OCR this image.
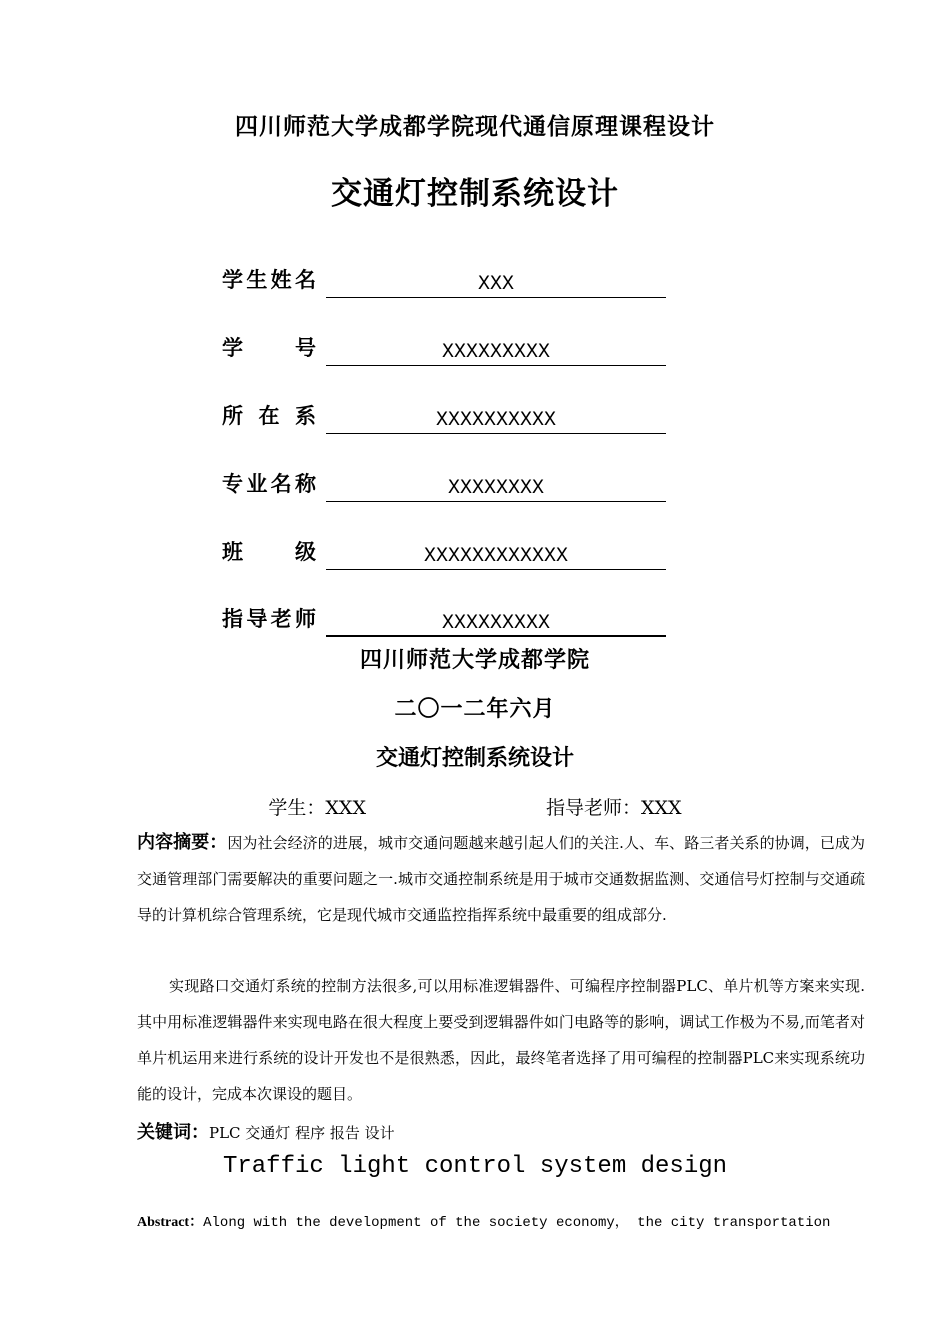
四川师范大学成都学院现代通信原理课程设计
交通灯控制系统设计
学 生 姓 名	XXX
学 号	XXXXXXXXX
所 在 系	XXXXXXXXXX
专 业 名 称	XXXXXXXX
班 级	XXXXXXXXXXXX
指 导 老 师	XXXXXXXXX
四川师范大学成都学院
二〇一二年六月
交通灯控制系统设计
学生：XXX	指导老师：XXX
内容摘要：因为社会经济的进展，城市交通问题越来越引起人们的关注.人、车、路三者关系的协调，已成为交通管理部门需要解决的重要问题之一.城市交通控制系统是用于城市交通数据监测、交通信号灯控制与交通疏导的计算机综合管理系统，它是现代城市交通监控指挥系统中最重要的组成部分.
实现路口交通灯系统的控制方法很多,可以用标准逻辑器件、可编程序控制器PLC、单片机等方案来实现.其中用标准逻辑器件来实现电路在很大程度上要受到逻辑器件如门电路等的影响，调试工作极为不易,而笔者对单片机运用来进行系统的设计开发也不是很熟悉，因此，最终笔者选择了用可编程的控制器PLC来实现系统功能的设计，完成本次课设的题目。
关键词：PLC 交通灯 程序 报告 设计
Traffic light control system design
Abstract：Along with the development of the society economy， the city transportation
